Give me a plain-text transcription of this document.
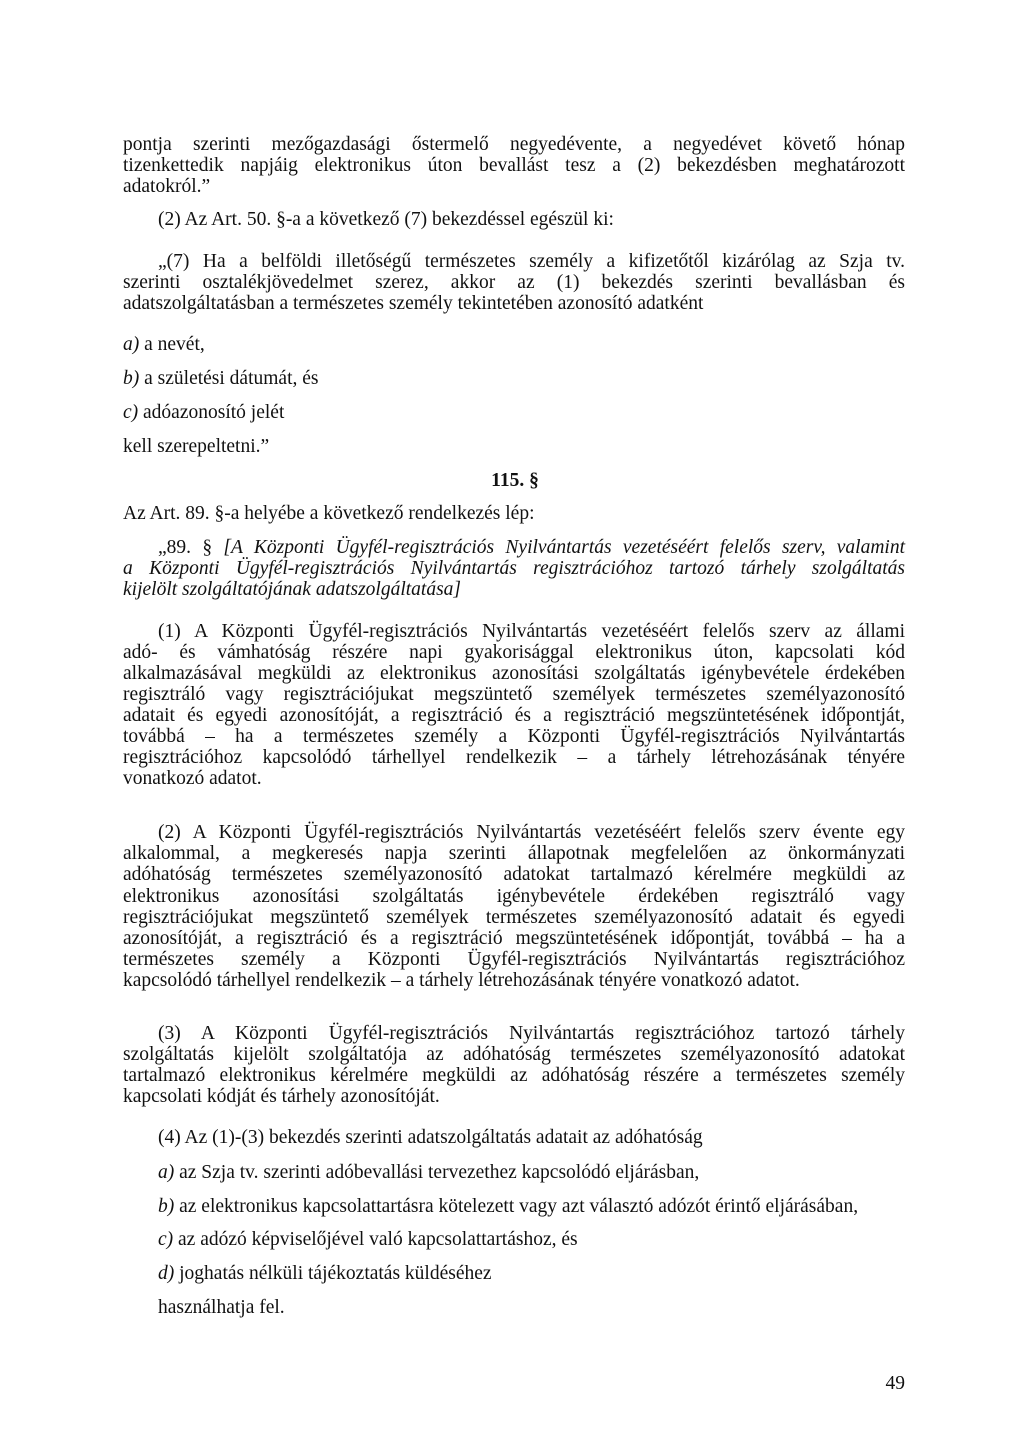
pontja szerinti mezőgazdasági őstermelő negyedévente, a negyedévet követő hónap
tizenkettedik napjáig elektronikus úton bevallást tesz a (2) bekezdésben meghatározott
adatokról.”
(2) Az Art. 50. §-a a következő (7) bekezdéssel egészül ki:
„(7) Ha a belföldi illetőségű természetes személy a kifizetőtől kizárólag az Szja tv.
szerinti osztalékjövedelmet szerez, akkor az (1) bekezdés szerinti bevallásban és
adatszolgáltatásban a természetes személy tekintetében azonosító adatként
a) a nevét,
b) a születési dátumát, és
c) adóazonosító jelét
kell szerepeltetni.”
115. §
Az Art. 89. §-a helyébe a következő rendelkezés lép:
„89. § [A Központi Ügyfél-regisztrációs Nyilvántartás vezetéséért felelős szerv, valamint
a Központi Ügyfél-regisztrációs Nyilvántartás regisztrációhoz tartozó tárhely szolgáltatás
kijelölt szolgáltatójának adatszolgáltatása]
(1) A Központi Ügyfél-regisztrációs Nyilvántartás vezetéséért felelős szerv az állami
adó- és vámhatóság részére napi gyakorisággal elektronikus úton, kapcsolati kód
alkalmazásával megküldi az elektronikus azonosítási szolgáltatás igénybevétele érdekében
regisztráló vagy regisztrációjukat megszüntető személyek természetes személyazonosító
adatait és egyedi azonosítóját, a regisztráció és a regisztráció megszüntetésének időpontját,
továbbá – ha a természetes személy a Központi Ügyfél-regisztrációs Nyilvántartás
regisztrációhoz kapcsolódó tárhellyel rendelkezik – a tárhely létrehozásának tényére
vonatkozó adatot.
(2) A Központi Ügyfél-regisztrációs Nyilvántartás vezetéséért felelős szerv évente egy
alkalommal, a megkeresés napja szerinti állapotnak megfelelően az önkormányzati
adóhatóság természetes személyazonosító adatokat tartalmazó kérelmére megküldi az
elektronikus azonosítási szolgáltatás igénybevétele érdekében regisztráló vagy
regisztrációjukat megszüntető személyek természetes személyazonosító adatait és egyedi
azonosítóját, a regisztráció és a regisztráció megszüntetésének időpontját, továbbá – ha a
természetes személy a Központi Ügyfél-regisztrációs Nyilvántartás regisztrációhoz
kapcsolódó tárhellyel rendelkezik – a tárhely létrehozásának tényére vonatkozó adatot.
(3) A Központi Ügyfél-regisztrációs Nyilvántartás regisztrációhoz tartozó tárhely
szolgáltatás kijelölt szolgáltatója az adóhatóság természetes személyazonosító adatokat
tartalmazó elektronikus kérelmére megküldi az adóhatóság részére a természetes személy
kapcsolati kódját és tárhely azonosítóját.
(4) Az (1)-(3) bekezdés szerinti adatszolgáltatás adatait az adóhatóság
a) az Szja tv. szerinti adóbevallási tervezethez kapcsolódó eljárásban,
b) az elektronikus kapcsolattartásra kötelezett vagy azt választó adózót érintő eljárásában,
c) az adózó képviselőjével való kapcsolattartáshoz, és
d) joghatás nélküli tájékoztatás küldéséhez
használhatja fel.
49
